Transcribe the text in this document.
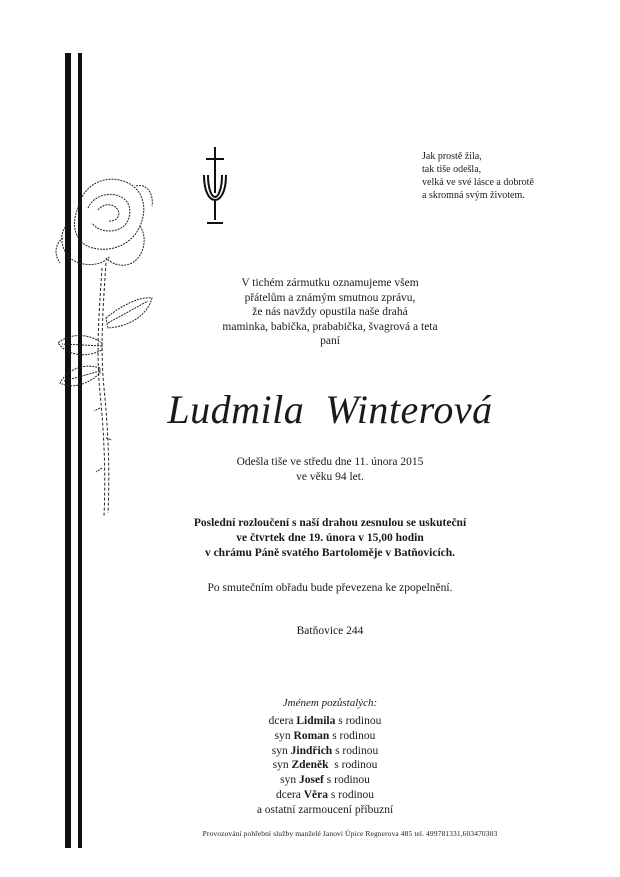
Jak prostě žila,
tak tiše odešla,
velká ve své lásce a dobrotě
a skromná svým životem.
V tichém zármutku oznamujeme všem
přátelům a známým smutnou zprávu,
že nás navždy opustila naše drahá
maminka, babička, prababička, švagrová a teta
paní
Ludmila  Winterová
Odešla tiše ve středu dne 11. února 2015
ve věku 94 let.
Poslední rozloučení s naší drahou zesnulou se uskuteční
ve čtvrtek dne 19. února v 15,00 hodin
v chrámu Páně svatého Bartoloměje v Batňovicích.
Po smutečním obřadu bude převezena ke zpopelnění.
Batňovice 244
Jménem pozůstalých:
dcera Lidmila s rodinou
syn Roman s rodinou
syn Jindřich s rodinou
syn Zdeněk  s rodinou
syn Josef s rodinou
dcera Věra s rodinou
a ostatní zarmoucení příbuzní
Provozování pohřební služby manželé Janovi Úpice Regnerova 485 tel. 499781331,603470303
